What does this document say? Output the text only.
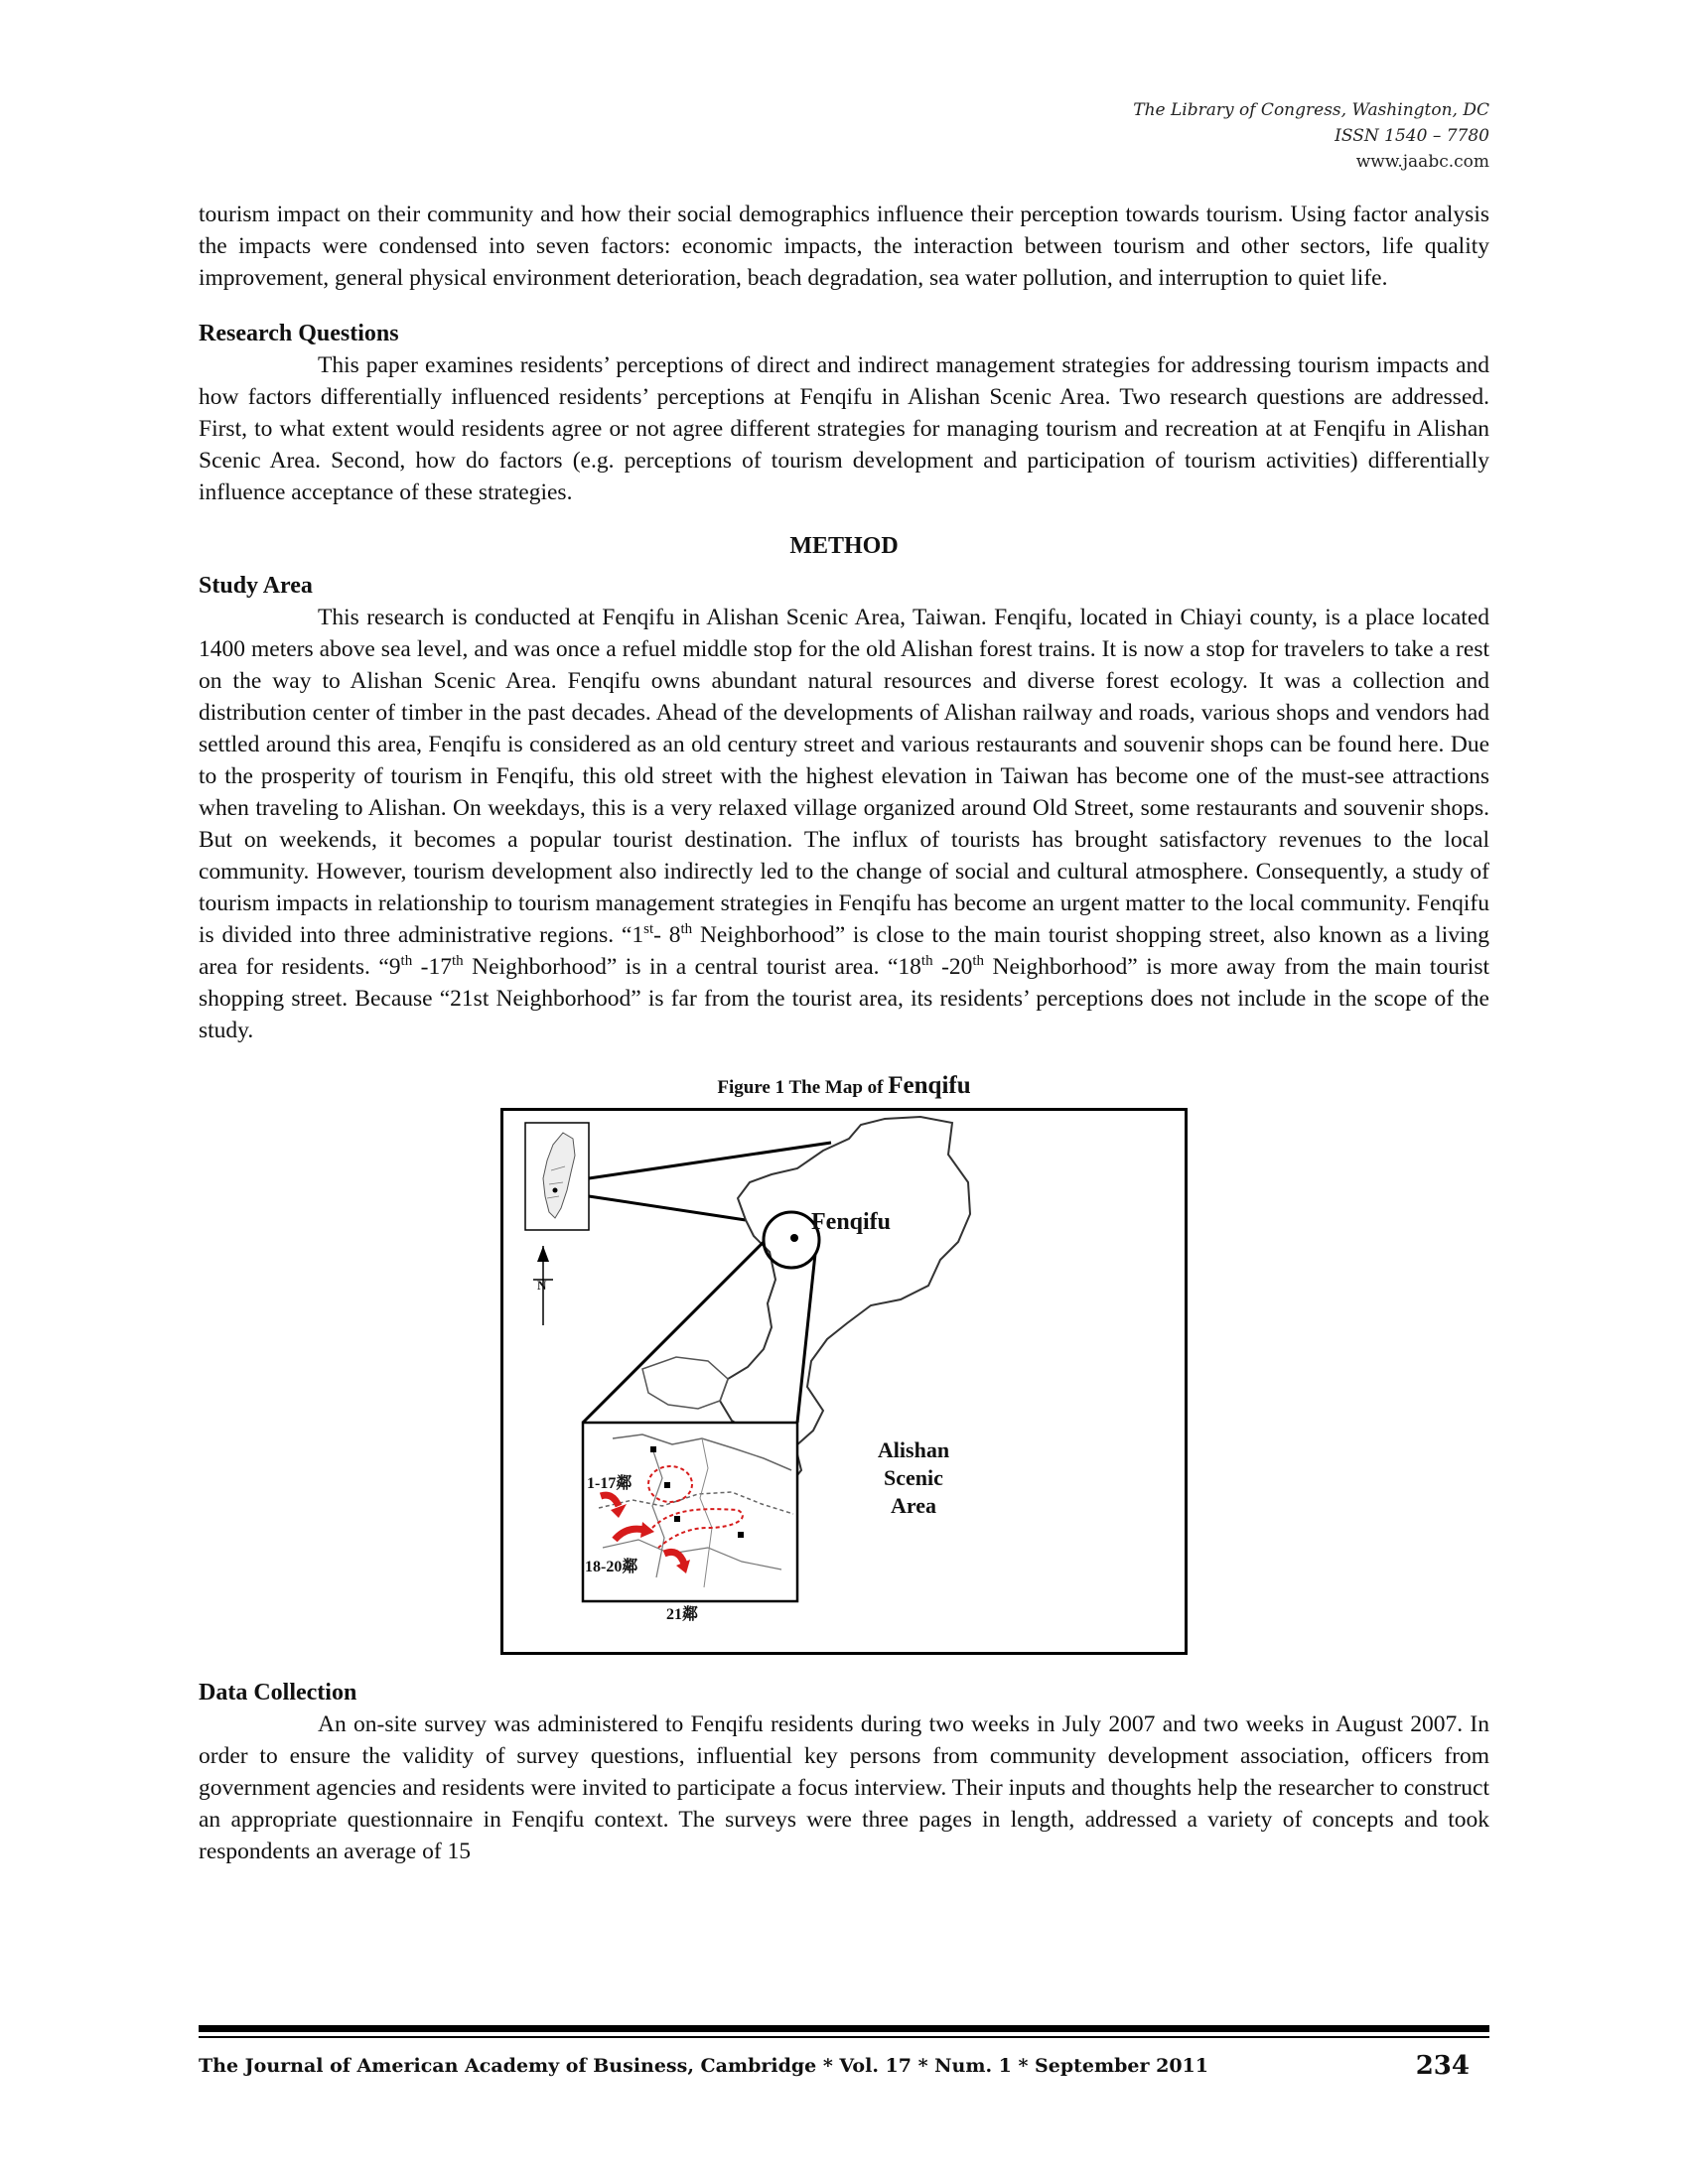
The Library of Congress, Washington, DC
ISSN 1540 – 7780
www.jaabc.com

tourism impact on their community and how their social demographics influence their perception towards tourism. Using factor analysis the impacts were condensed into seven factors: economic impacts, the interaction between tourism and other sectors, life quality improvement, general physical environment deterioration, beach degradation, sea water pollution, and interruption to quiet life.

Research Questions

This paper examines residents’ perceptions of direct and indirect management strategies for addressing tourism impacts and how factors differentially influenced residents’ perceptions at Fenqifu in Alishan Scenic Area. Two research questions are addressed. First, to what extent would residents agree or not agree different strategies for managing tourism and recreation at at Fenqifu in Alishan Scenic Area. Second, how do factors (e.g. perceptions of tourism development and participation of tourism activities) differentially influence acceptance of these strategies.

METHOD
Study Area

This research is conducted at Fenqifu in Alishan Scenic Area, Taiwan. Fenqifu, located in Chiayi county, is a place located 1400 meters above sea level, and was once a refuel middle stop for the old Alishan forest trains. It is now a stop for travelers to take a rest on the way to Alishan Scenic Area. Fenqifu owns abundant natural resources and diverse forest ecology. It was a collection and distribution center of timber in the past decades. Ahead of the developments of Alishan railway and roads, various shops and vendors had settled around this area, Fenqifu is considered as an old century street and various restaurants and souvenir shops can be found here. Due to the prosperity of tourism in Fenqifu, this old street with the highest elevation in Taiwan has become one of the must-see attractions when traveling to Alishan. On weekdays, this is a very relaxed village organized around Old Street, some restaurants and souvenir shops. But on weekends, it becomes a popular tourist destination. The influx of tourists has brought satisfactory revenues to the local community. However, tourism development also indirectly led to the change of social and cultural atmosphere. Consequently, a study of tourism impacts in relationship to tourism management strategies in Fenqifu has become an urgent matter to the local community. Fenqifu is divided into three administrative regions. “1st- 8th Neighborhood” is close to the main tourist shopping street, also known as a living area for residents. “9th -17th Neighborhood” is in a central tourist area. “18th -20th Neighborhood” is more away from the main tourist shopping street. Because “21st Neighborhood” is far from the tourist area, its residents’ perceptions does not include in the scope of the study.

Figure 1 The Map of Fenqifu
Fenqifu
Alishan Scenic
Area
N
1-17鄰
18-20鄰
21鄰
Data Collection

An on-site survey was administered to Fenqifu residents during two weeks in July 2007 and two weeks in August 2007. In order to ensure the validity of survey questions, influential key persons from community development association, officers from government agencies and residents were invited to participate a focus interview. Their inputs and thoughts help the researcher to construct an appropriate questionnaire in Fenqifu context. The surveys were three pages in length, addressed a variety of concepts and took respondents an average of 15

The Journal of American Academy of Business, Cambridge * Vol. 17 * Num. 1 * September 2011	234
